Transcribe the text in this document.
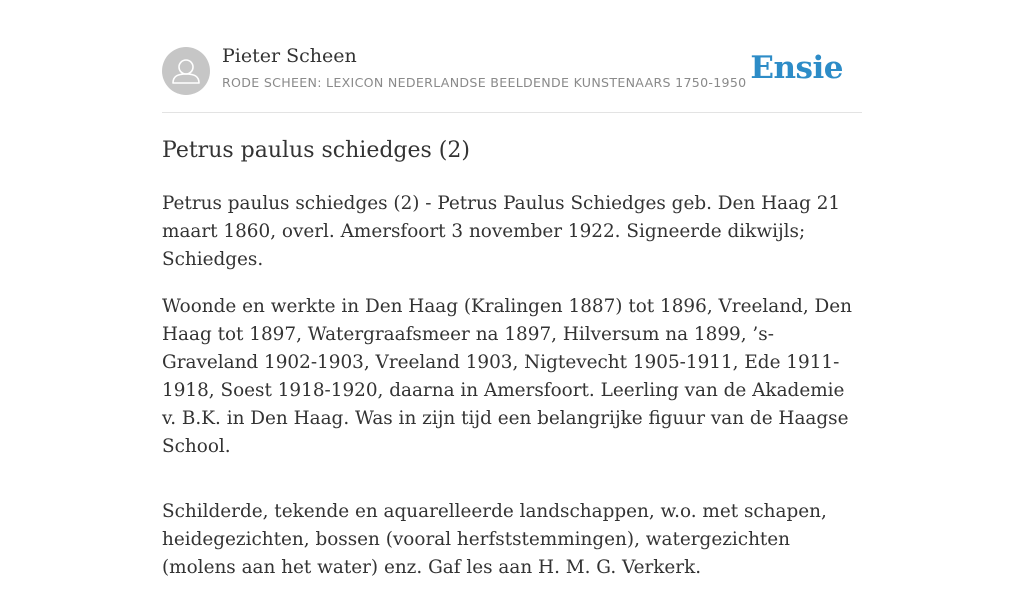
Pieter Scheen
RODE SCHEEN: LEXICON NEDERLANDSE BEELDENDE KUNSTENAARS 1750-1950 Ensie
Petrus paulus schiedges (2)

Petrus paulus schiedges (2) - Petrus Paulus Schiedges geb. Den Haag 21 maart 1860, overl. Amersfoort 3 november 1922. Signeerde dikwijls; Schiedges.

Woonde en werkte in Den Haag (Kralingen 1887) tot 1896, Vreeland, Den Haag tot 1897, Watergraafsmeer na 1897, Hilversum na 1899, ’s-Graveland 1902-1903, Vreeland 1903, Nigtevecht 1905-1911, Ede 1911-1918, Soest 1918-1920, daarna in Amersfoort. Leerling van de Akademie v. B.K. in Den Haag. Was in zijn tijd een belangrijke figuur van de Haagse School.

Schilderde, tekende en aquarelleerde landschappen, w.o. met schapen, heidegezichten, bossen (vooral herfststemmingen), watergezichten (molens aan het water) enz. Gaf les aan H. M. G. Verkerk.
